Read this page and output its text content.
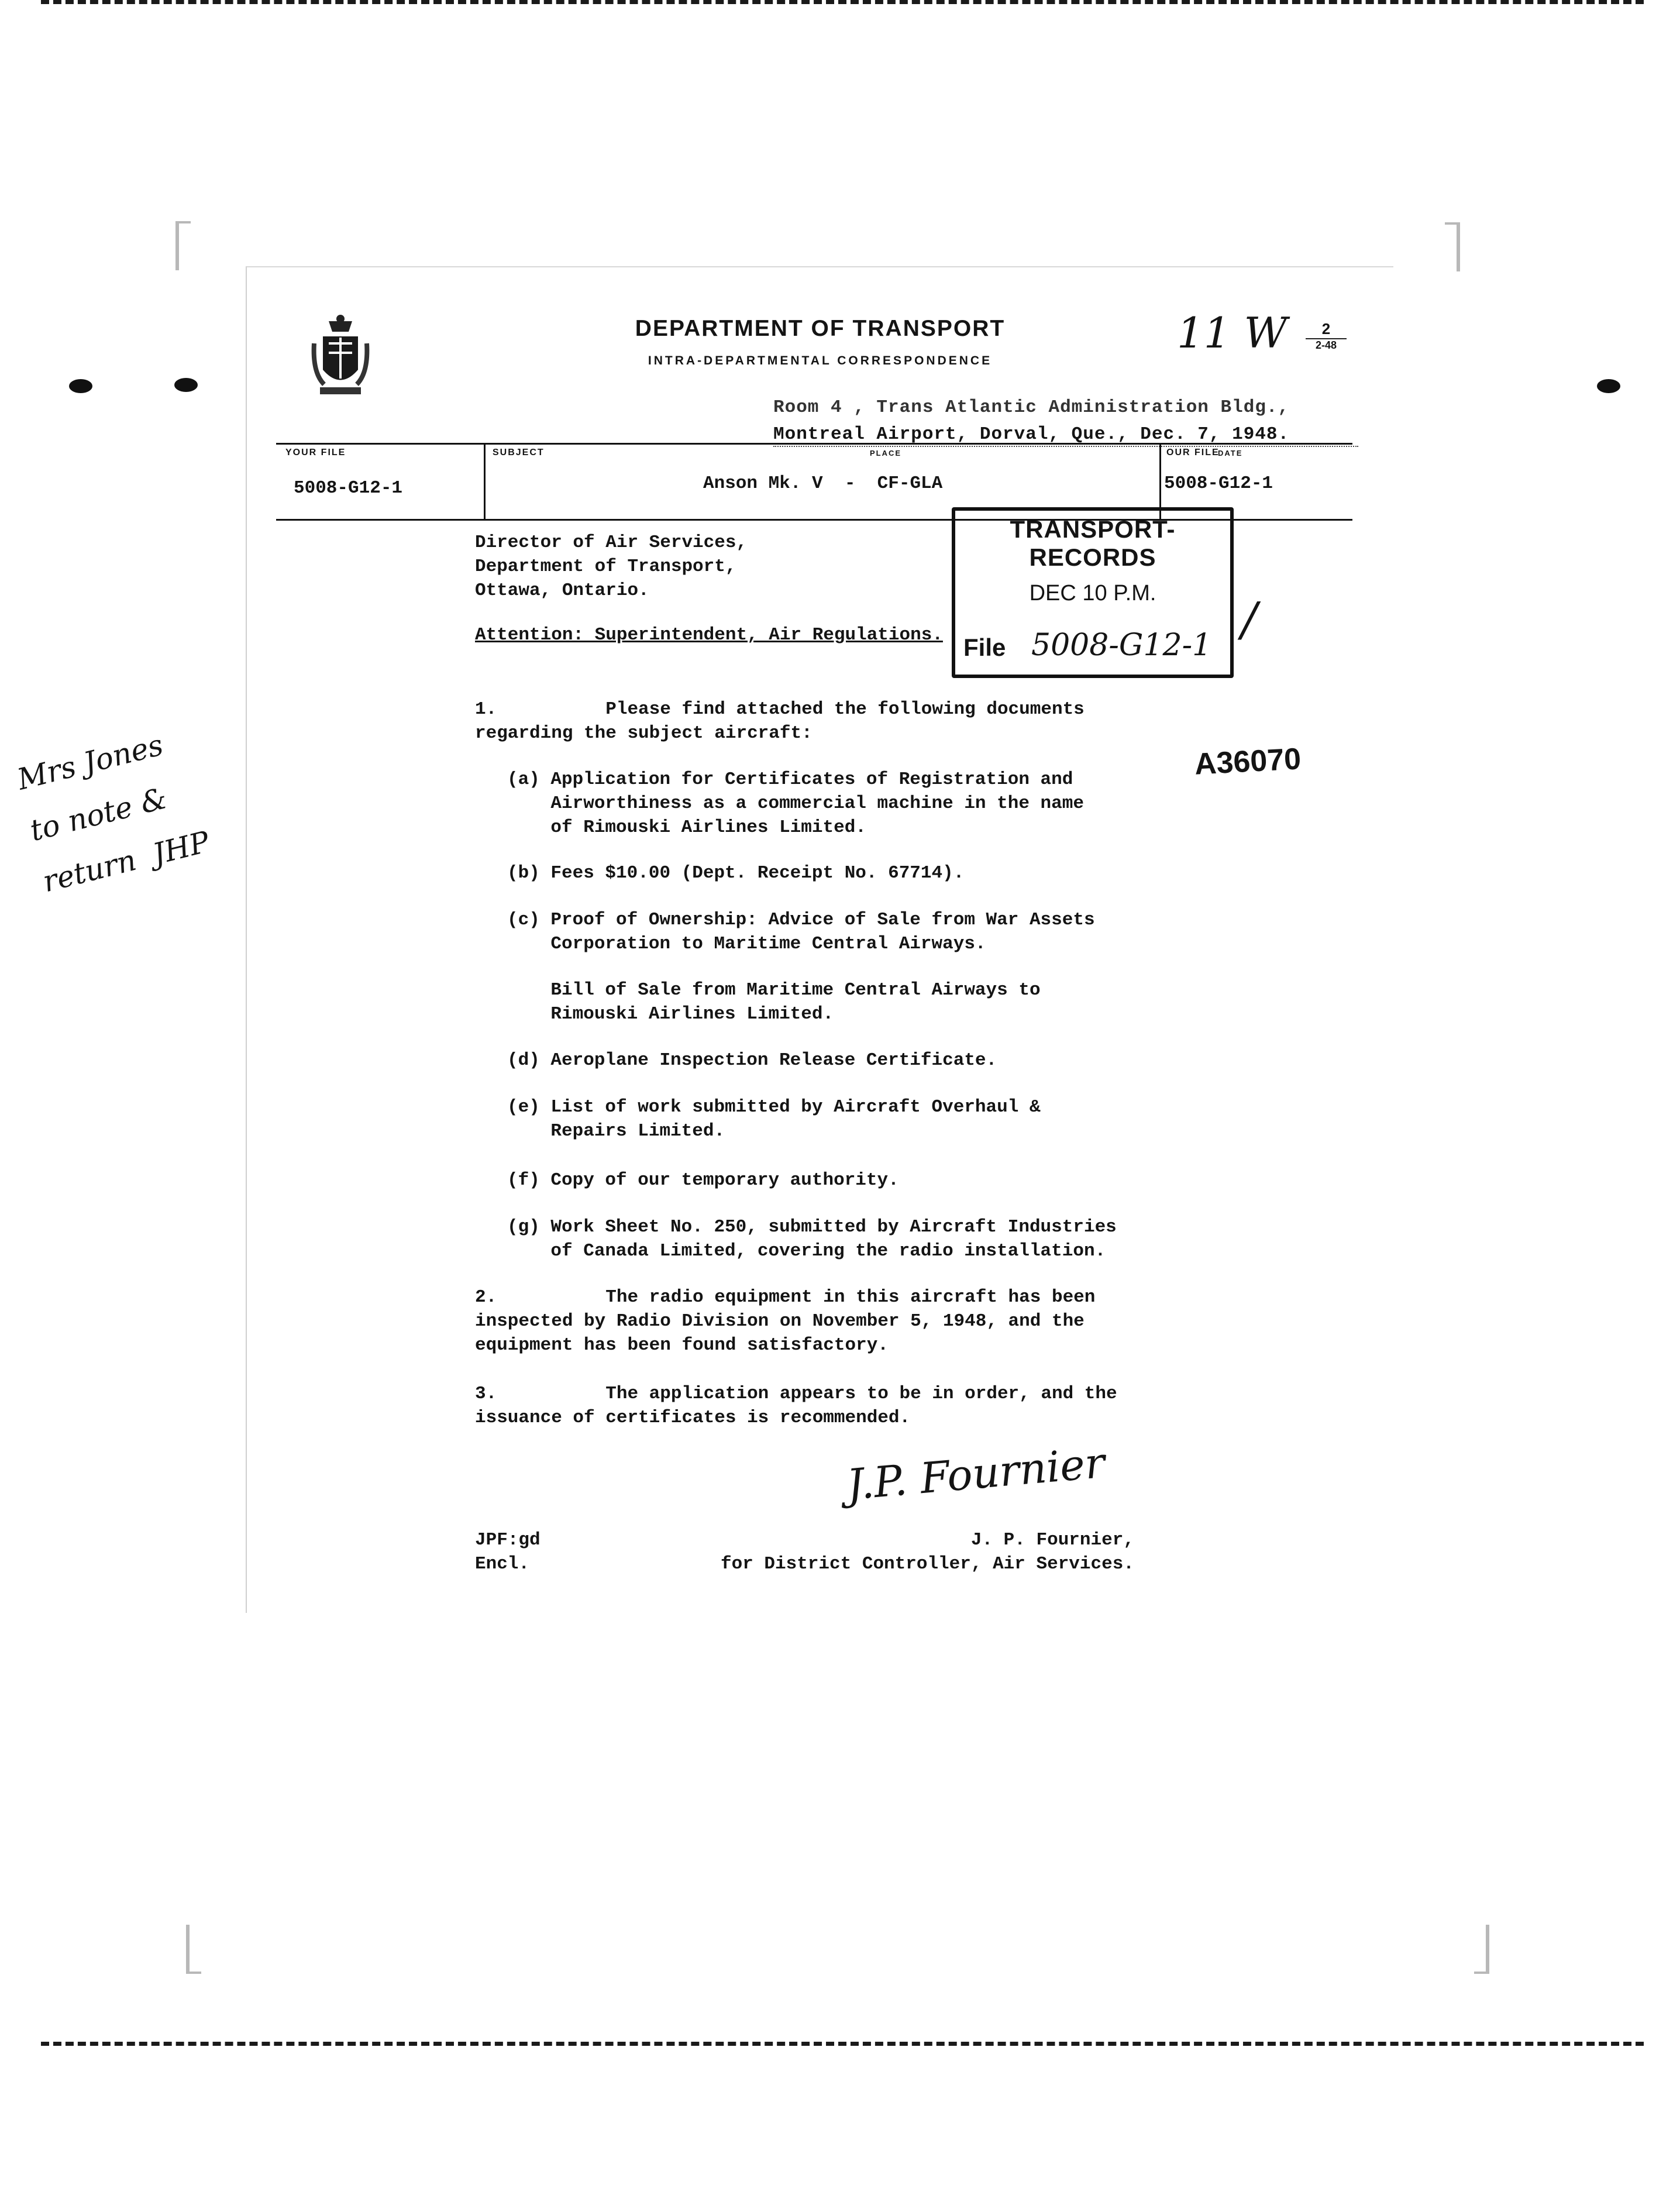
DEPARTMENT OF TRANSPORT
INTRA-DEPARTMENTAL CORRESPONDENCE
11 W	2
2-48
Room 4 , Trans Atlantic Administration Bldg.,
Montreal Airport, Dorval, Que., Dec. 7, 1948.
PLACE	DATE
YOUR FILE
5008-G12-1
SUBJECT
Anson Mk. V  -  CF-GLA
OUR FILE
5008-G12-1
Director of Air Services,
Department of Transport,
Ottawa, Ontario.
Attention: Superintendent, Air Regulations.
TRANSPORT-RECORDS
DEC 10 P.M.
File 5008-G12-1 /
A36070
1.          Please find attached the following documents
regarding the subject aircraft:
(a) Application for Certificates of Registration and
Airworthiness as a commercial machine in the name
of Rimouski Airlines Limited.
(b) Fees $10.00 (Dept. Receipt No. 67714).
(c) Proof of Ownership: Advice of Sale from War Assets
Corporation to Maritime Central Airways.
Bill of Sale from Maritime Central Airways to
Rimouski Airlines Limited.
(d) Aeroplane Inspection Release Certificate.
(e) List of work submitted by Aircraft Overhaul &
Repairs Limited.
(f) Copy of our temporary authority.
(g) Work Sheet No. 250, submitted by Aircraft Industries
of Canada Limited, covering the radio installation.
2.          The radio equipment in this aircraft has been
inspected by Radio Division on November 5, 1948, and the
equipment has been found satisfactory.
3.          The application appears to be in order, and the
issuance of certificates is recommended.
J.P. Fournier
JPF:gd
Encl.
J. P. Fournier,
for District Controller, Air Services.
Mrs Jones
to note &
return  JHP
